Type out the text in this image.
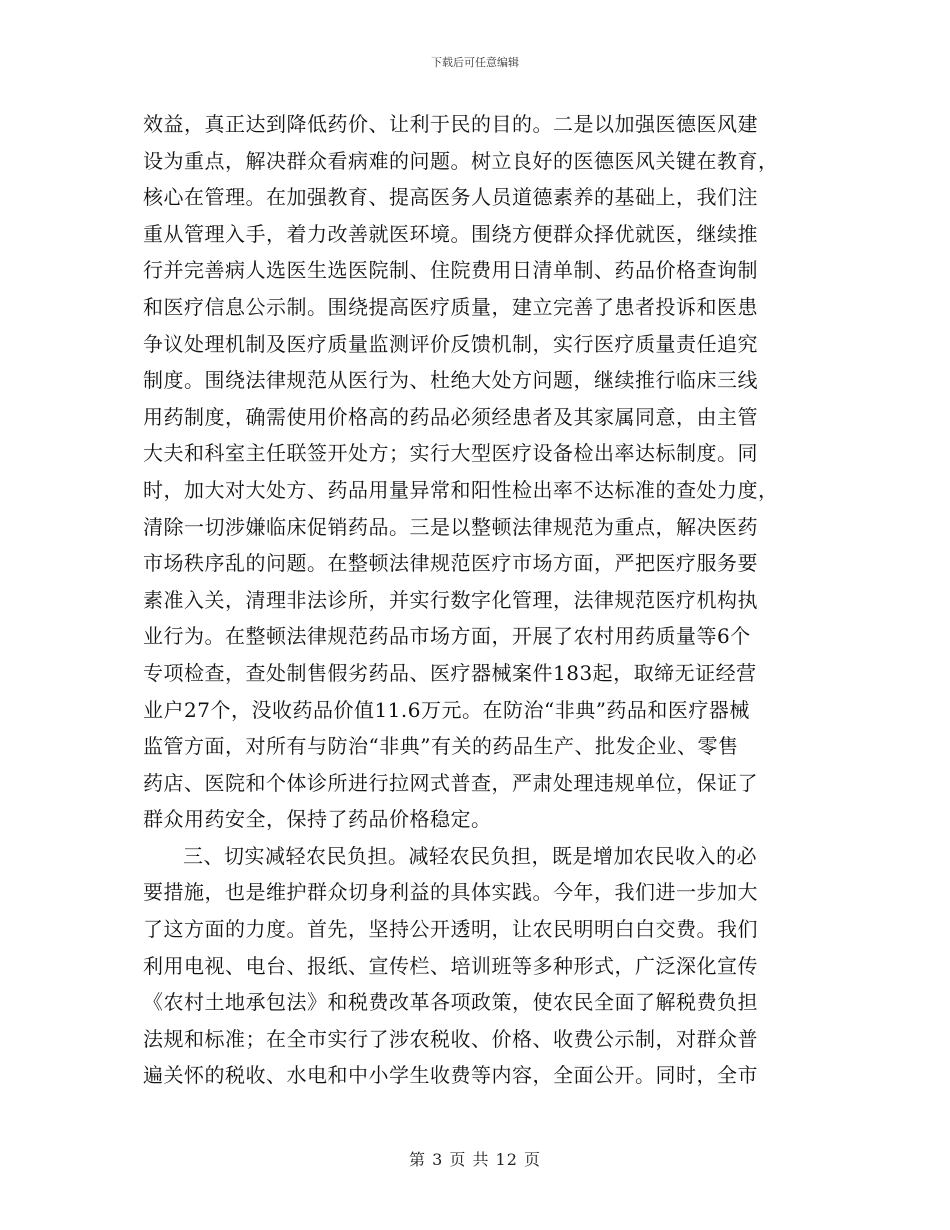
下载后可任意编辑
效益，真正达到降低药价、让利于民的目的。二是以加强医德医风建
设为重点，解决群众看病难的问题。树立良好的医德医风关键在教育，
核心在管理。在加强教育、提高医务人员道德素养的基础上，我们注
重从管理入手，着力改善就医环境。围绕方便群众择优就医，继续推
行并完善病人选医生选医院制、住院费用日清单制、药品价格查询制
和医疗信息公示制。围绕提高医疗质量，建立完善了患者投诉和医患
争议处理机制及医疗质量监测评价反馈机制，实行医疗质量责任追究
制度。围绕法律规范从医行为、杜绝大处方问题，继续推行临床三线
用药制度，确需使用价格高的药品必须经患者及其家属同意，由主管
大夫和科室主任联签开处方；实行大型医疗设备检出率达标制度。同
时，加大对大处方、药品用量异常和阳性检出率不达标准的查处力度，
清除一切涉嫌临床促销药品。三是以整顿法律规范为重点，解决医药
市场秩序乱的问题。在整顿法律规范医疗市场方面，严把医疗服务要
素准入关，清理非法诊所，并实行数字化管理，法律规范医疗机构执
业行为。在整顿法律规范药品市场方面，开展了农村用药质量等6个
专项检查，查处制售假劣药品、医疗器械案件183起，取缔无证经营
业户27个，没收药品价值11.6万元。在防治“非典”药品和医疗器械
监管方面，对所有与防治“非典”有关的药品生产、批发企业、零售
药店、医院和个体诊所进行拉网式普查，严肃处理违规单位，保证了
群众用药安全，保持了药品价格稳定。
三、切实减轻农民负担。减轻农民负担，既是增加农民收入的必
要措施，也是维护群众切身利益的具体实践。今年，我们进一步加大
了这方面的力度。首先，坚持公开透明，让农民明明白白交费。我们
利用电视、电台、报纸、宣传栏、培训班等多种形式，广泛深化宣传
《农村土地承包法》和税费改革各项政策，使农民全面了解税费负担
法规和标准；在全市实行了涉农税收、价格、收费公示制，对群众普
遍关怀的税收、水电和中小学生收费等内容，全面公开。同时，全市
第 3 页 共 12 页
